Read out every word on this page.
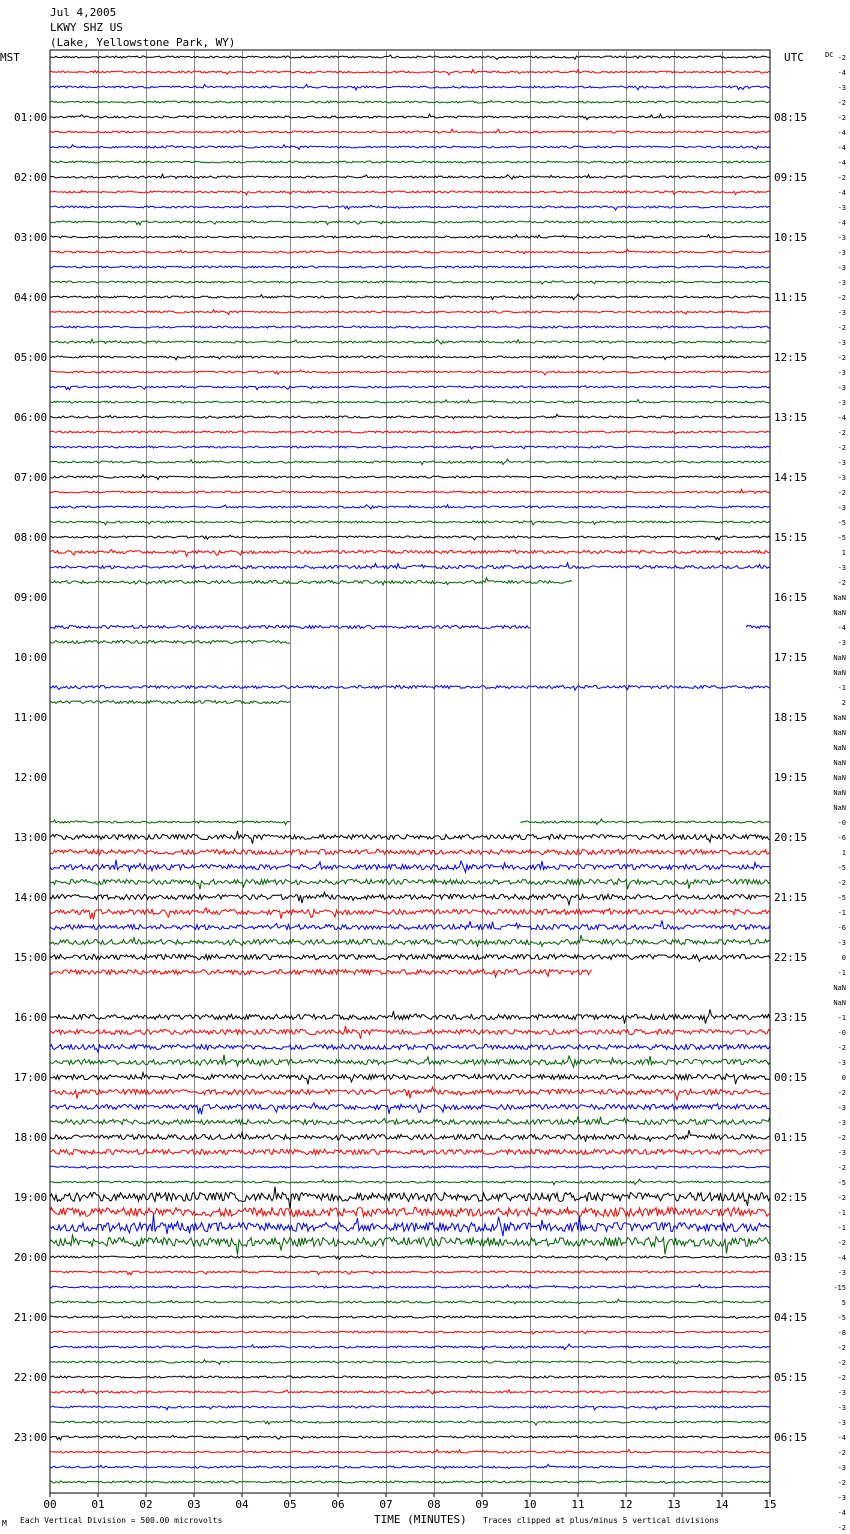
Jul 4,2005
LKWY SHZ US
(Lake, Yellowstone Park, WY)
MST	UTC	DC
01:00
02:00
03:00
04:00
05:00
06:00
07:00
08:00
09:00
10:00
11:00
12:00
13:00
14:00
15:00
16:00
17:00
18:00
19:00
20:00
21:00
22:00
23:00
08:15
09:15
10:15
11:15
12:15
13:15
14:15
15:15
16:15
17:15
18:15
19:15
20:15
21:15
22:15
23:15
00:15
01:15
02:15
03:15
04:15
05:15
06:15
-2
-4
-3
-2
-2
-4
-4
-4
-2
-4
-3
-4
-3
-3
-3
-3
-2
-3
-2
-3
-2
-3
-3
-3
-4
-2
-2
-3
-3
-2
-3
-5
-5
1
-3
-2
NaN
NaN
-4
-3
NaN
NaN
-1
2
NaN
NaN
NaN
NaN
NaN
NaN
NaN
-0
-6
1
-5
-2
-5
-1
-6
-3
0
-1
NaN
NaN
-1
-0
-2
-3
0
-2
-3
-3
-2
-3
-2
-5
-2
-1
-1
-2
-4
-3
-15
5
-5
-8
-2
-2
-2
-3
-3
-3
-4
-2
-3
-2
-3
-4
-2
00	01	02	03	04	05	06	07	08	09	10	11	12	13	14	15
M Each Vertical Division = 500.00 microvolts	TIME (MINUTES) Traces clipped at plus/minus 5 vertical divisions
